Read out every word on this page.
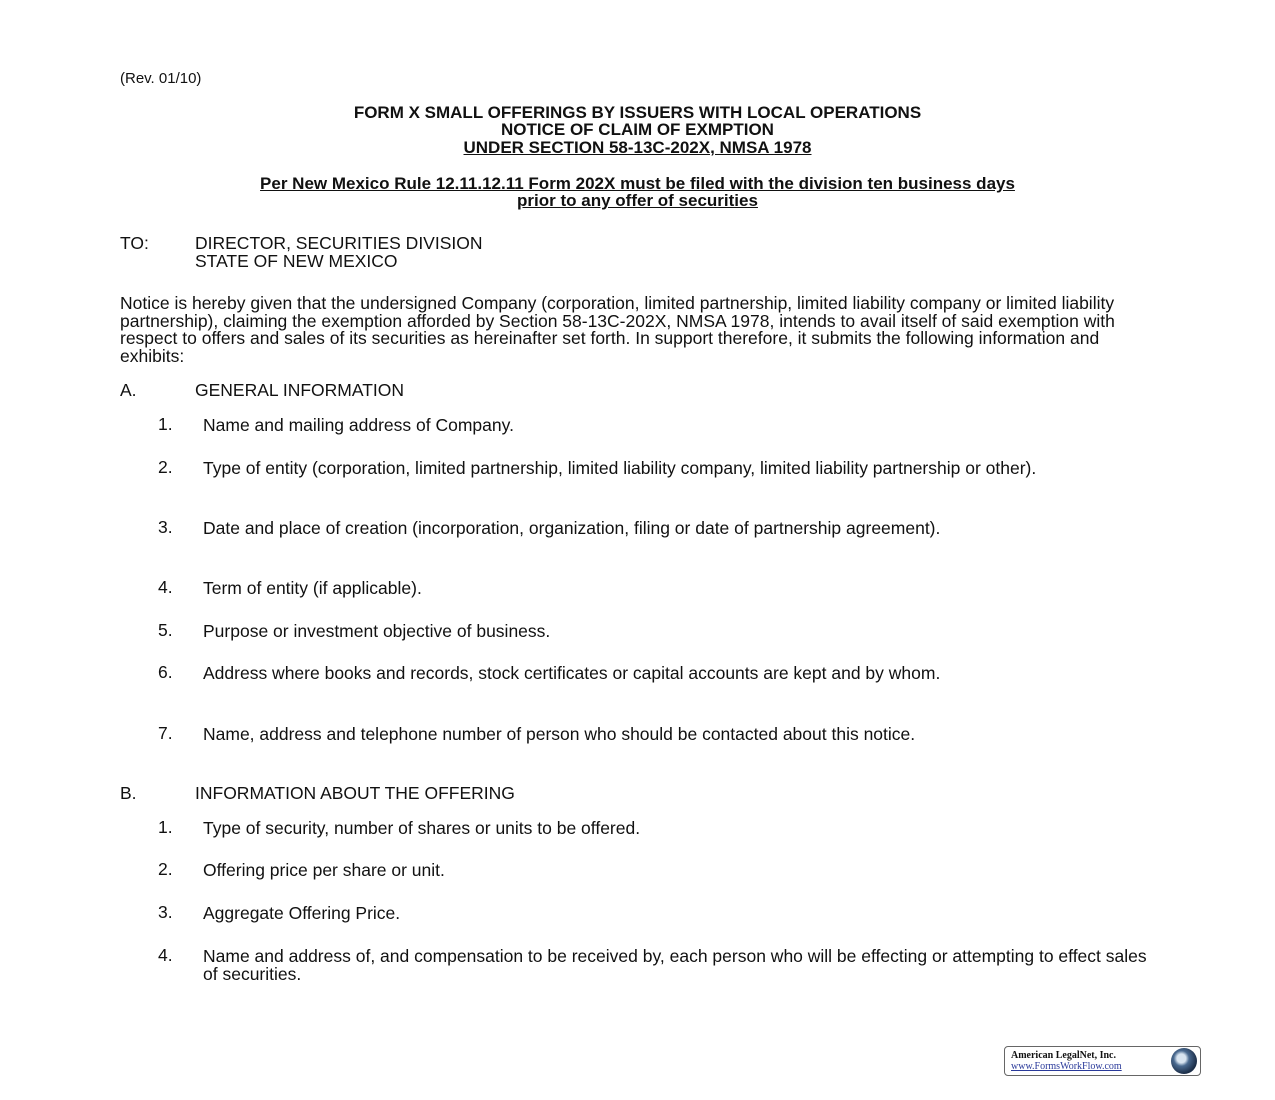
(Rev. 01/10)
FORM X SMALL OFFERINGS BY ISSUERS WITH LOCAL OPERATIONS
NOTICE OF CLAIM OF EXMPTION
UNDER SECTION 58-13C-202X, NMSA 1978
Per New Mexico Rule 12.11.12.11 Form 202X must be filed with the division ten business days
prior to any offer of securities
TO:	DIRECTOR, SECURITIES DIVISION
STATE OF NEW MEXICO
Notice is hereby given that the undersigned Company (corporation, limited partnership, limited liability company or limited liability partnership), claiming the exemption afforded by Section 58-13C-202X, NMSA 1978, intends to avail itself of said exemption with respect to offers and sales of its securities as hereinafter set forth. In support therefore, it submits the following information and exhibits:
A.	GENERAL INFORMATION
1. Name and mailing address of Company.
2. Type of entity (corporation, limited partnership, limited liability company, limited liability partnership or other).
3. Date and place of creation (incorporation, organization, filing or date of partnership agreement).
4. Term of entity (if applicable).
5. Purpose or investment objective of business.
6. Address where books and records, stock certificates or capital accounts are kept and by whom.
7. Name, address and telephone number of person who should be contacted about this notice.
B.	INFORMATION ABOUT THE OFFERING
1. Type of security, number of shares or units to be offered.
2. Offering price per share or unit.
3. Aggregate Offering Price.
4. Name and address of, and compensation to be received by, each person who will be effecting or attempting to effect sales of securities.
American LegalNet, Inc.
www.FormsWorkFlow.com
